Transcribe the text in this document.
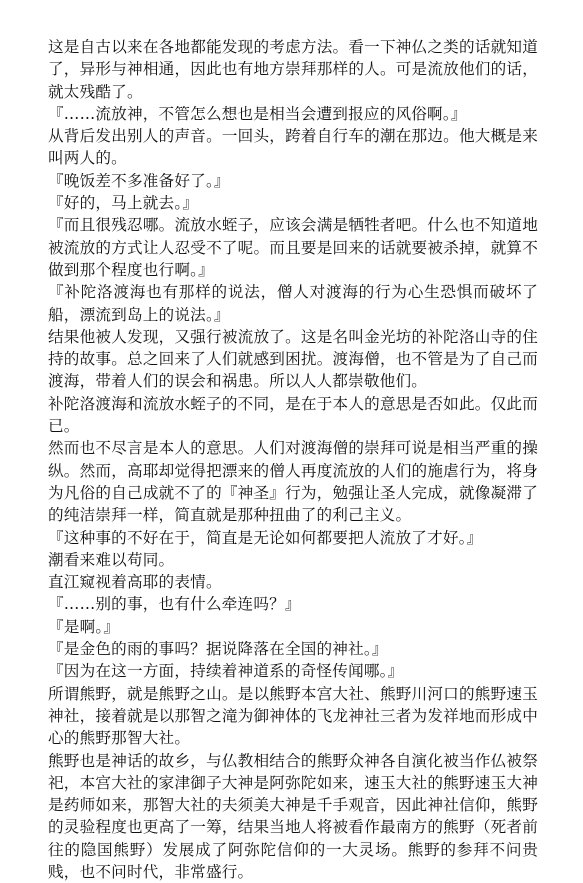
这是自古以来在各地都能发现的考虑方法。看一下神仏之类的话就知道了，异形与神相通，因此也有地方崇拜那样的人。可是流放他们的话，就太残酷了。

『……流放神，不管怎么想也是相当会遭到报应的风俗啊。』

从背后发出别人的声音。一回头，跨着自行车的潮在那边。他大概是来叫两人的。

『晚饭差不多准备好了。』

『好的，马上就去。』

『而且很残忍哪。流放水蛭子，应该会满是牺牲者吧。什么也不知道地被流放的方式让人忍受不了呢。而且要是回来的话就要被杀掉，就算不做到那个程度也行啊。』

『补陀洛渡海也有那样的说法，僧人对渡海的行为心生恐惧而破坏了船，漂流到岛上的说法。』

结果他被人发现，又强行被流放了。这是名叫金光坊的补陀洛山寺的住持的故事。总之回来了人们就感到困扰。渡海僧，也不管是为了自己而渡海，带着人们的误会和祸患。所以人人都崇敬他们。

补陀洛渡海和流放水蛭子的不同，是在于本人的意思是否如此。仅此而已。

然而也不尽言是本人的意思。人们对渡海僧的崇拜可说是相当严重的操纵。然而，高耶却觉得把漂来的僧人再度流放的人们的施虐行为，将身为凡俗的自己成就不了的『神圣』行为，勉强让圣人完成，就像凝滞了的纯洁崇拜一样，简直就是那种扭曲了的利己主义。

『这种事的不好在于，简直是无论如何都要把人流放了才好。』

潮看来难以苟同。

直江窥视着高耶的表情。

『……别的事，也有什么牵连吗？』

『是啊。』

『是金色的雨的事吗？据说降落在全国的神社。』

『因为在这一方面，持续着神道系的奇怪传闻哪。』

所谓熊野，就是熊野之山。是以熊野本宫大社、熊野川河口的熊野速玉神社，接着就是以那智之滝为御神体的飞龙神社三者为发祥地而形成中心的熊野那智大社。

熊野也是神话的故乡，与仏教相结合的熊野众神各自演化被当作仏被祭祀，本宫大社的家津御子大神是阿弥陀如来，速玉大社的熊野速玉大神是药师如来，那智大社的夫须美大神是千手观音，因此神社信仰，熊野的灵验程度也更高了一筹，结果当地人将被看作最南方的熊野（死者前往的隐国熊野）发展成了阿弥陀信仰的一大灵场。熊野的参拜不问贵贱，也不问时代，非常盛行。
